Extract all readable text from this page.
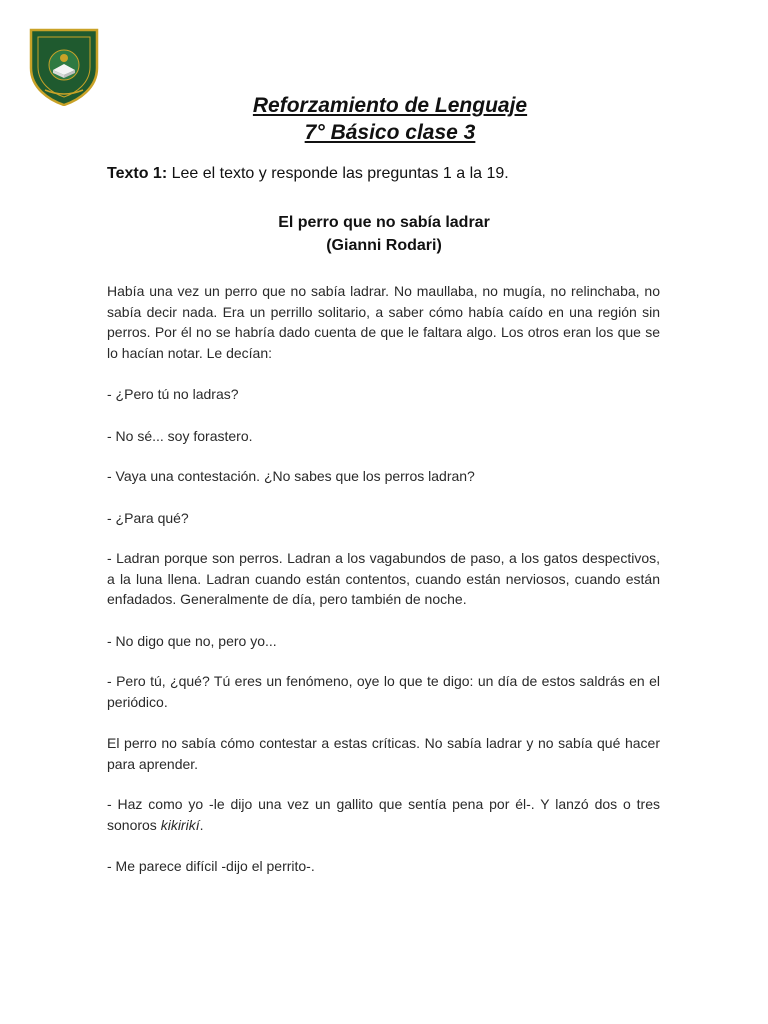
Reforzamiento de Lenguaje
7° Básico clase 3
Texto 1: Lee el texto y responde las preguntas 1 a la 19.
El perro que no sabía ladrar
(Gianni Rodari)

Había una vez un perro que no sabía ladrar. No maullaba, no mugía, no relinchaba, no sabía decir nada. Era un perrillo solitario, a saber cómo había caído en una región sin perros. Por él no se habría dado cuenta de que le faltara algo. Los otros eran los que se lo hacían notar. Le decían:

- ¿Pero tú no ladras?

- No sé... soy forastero.

- Vaya una contestación. ¿No sabes que los perros ladran?

- ¿Para qué?

- Ladran porque son perros. Ladran a los vagabundos de paso, a los gatos despectivos, a la luna llena. Ladran cuando están contentos, cuando están nerviosos, cuando están enfadados. Generalmente de día, pero también de noche.

- No digo que no, pero yo...

- Pero tú, ¿qué? Tú eres un fenómeno, oye lo que te digo: un día de estos saldrás en el periódico.

El perro no sabía cómo contestar a estas críticas. No sabía ladrar y no sabía qué hacer para aprender.

- Haz como yo -le dijo una vez un gallito que sentía pena por él-. Y lanzó dos o tres sonoros kikirikí.

- Me parece difícil -dijo el perrito-.
